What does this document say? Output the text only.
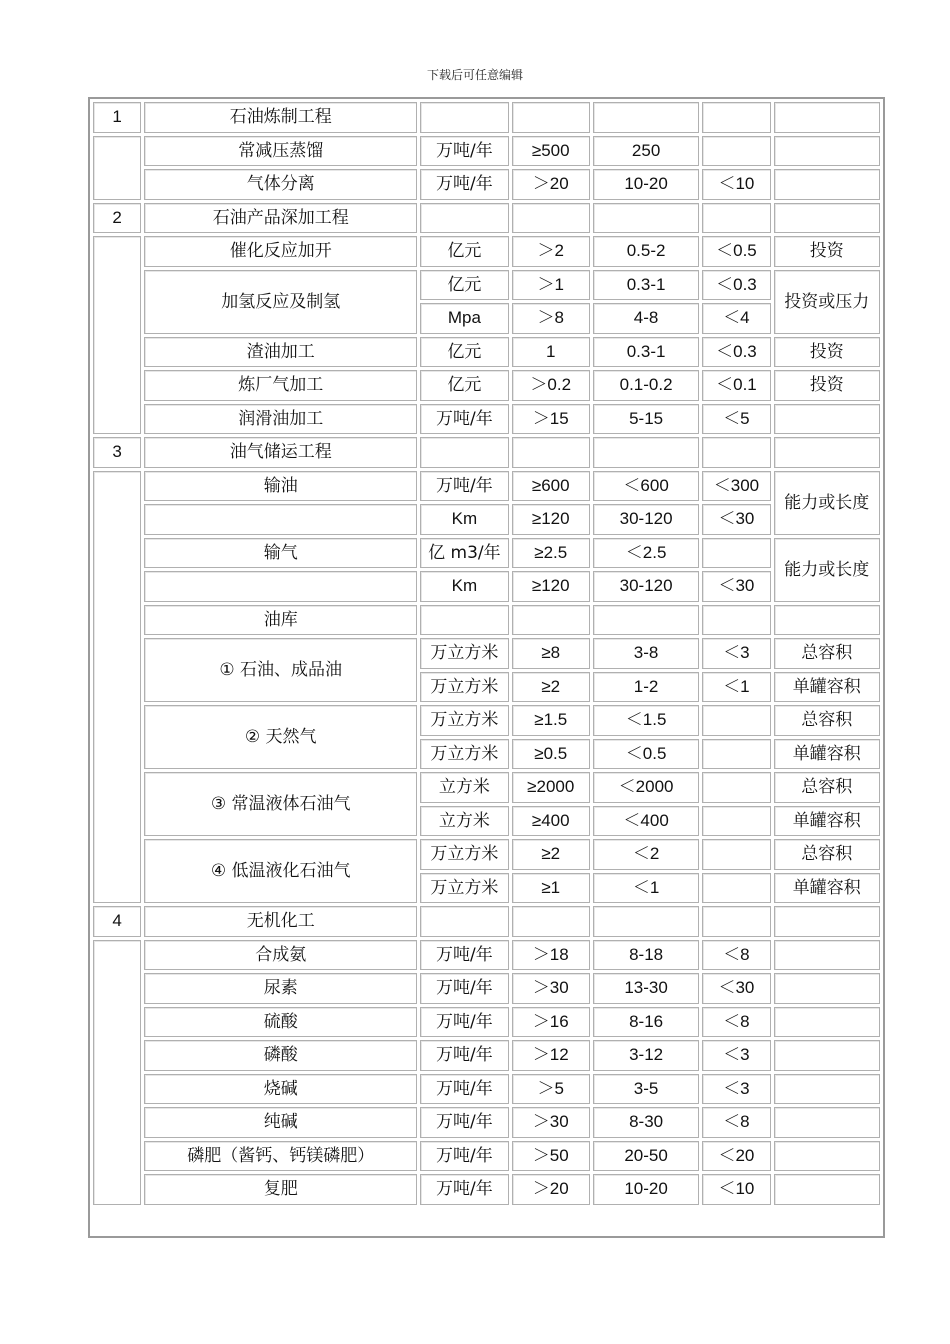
下载后可任意编辑
1	石油炼制工程					
	常减压蒸馏	万吨/年	≥500	250		
	气体分离	万吨/年	＞20	10-20	＜10	
2	石油产品深加工程					
	催化反应加开	亿元	＞2	0.5-2	＜0.5	投资
	加氢反应及制氢	亿元	＞1	0.3-1	＜0.3	投资或压力
		Mpa	＞8	4-8	＜4	
	渣油加工	亿元	1	0.3-1	＜0.3	投资
	炼厂气加工	亿元	＞0.2	0.1-0.2	＜0.1	投资
	润滑油加工	万吨/年	＞15	5-15	＜5	
3	油气储运工程					
	输油	万吨/年	≥600	＜600	＜300	能力或长度
		Km	≥120	30-120	＜30	
	输气	亿 m3/年	≥2.5	＜2.5		能力或长度
		Km	≥120	30-120	＜30	
	油库					
	① 石油、成品油	万立方米	≥8	3-8	＜3	总容积
		万立方米	≥2	1-2	＜1	单罐容积
	② 天然气	万立方米	≥1.5	＜1.5		总容积
		万立方米	≥0.5	＜0.5		单罐容积
	③ 常温液体石油气	立方米	≥2000	＜2000		总容积
		立方米	≥400	＜400		单罐容积
	④ 低温液化石油气	万立方米	≥2	＜2		总容积
		万立方米	≥1	＜1		单罐容积
4	无机化工					
	合成氨	万吨/年	＞18	8-18	＜8	
	尿素	万吨/年	＞30	13-30	＜30	
	硫酸	万吨/年	＞16	8-16	＜8	
	磷酸	万吨/年	＞12	3-12	＜3	
	烧碱	万吨/年	＞5	3-5	＜3	
	纯碱	万吨/年	＞30	8-30	＜8	
	磷肥（酱钙、钙镁磷肥）	万吨/年	＞50	20-50	＜20	
	复肥	万吨/年	＞20	10-20	＜10	
